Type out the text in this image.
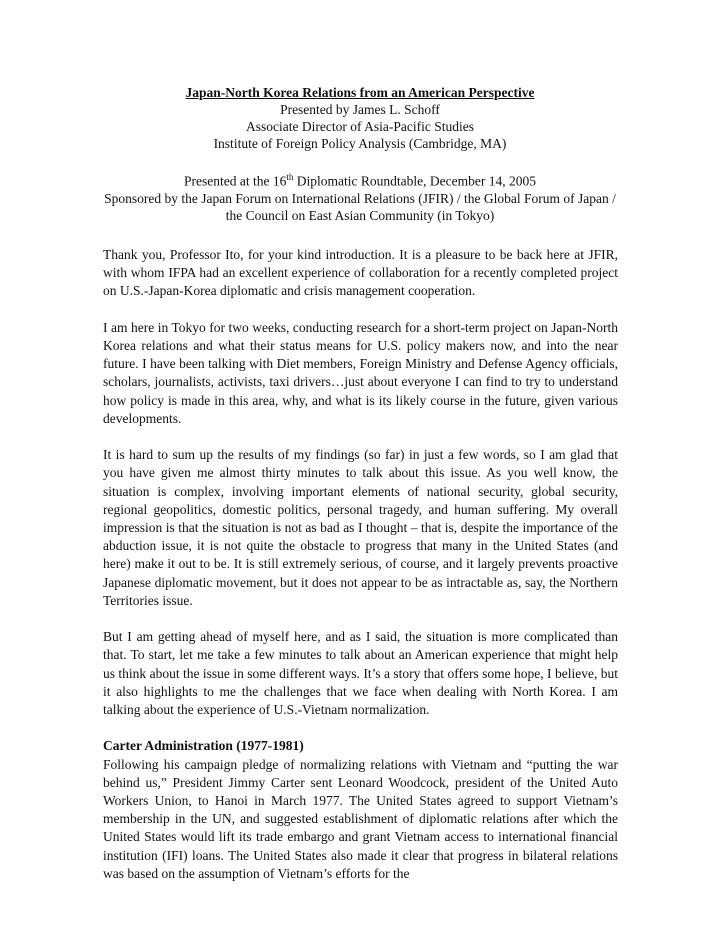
Japan-North Korea Relations from an American Perspective
Presented by James L. Schoff
Associate Director of Asia-Pacific Studies
Institute of Foreign Policy Analysis (Cambridge, MA)
Presented at the 16th Diplomatic Roundtable, December 14, 2005
Sponsored by the Japan Forum on International Relations (JFIR) / the Global Forum of Japan / the Council on East Asian Community (in Tokyo)

Thank you, Professor Ito, for your kind introduction. It is a pleasure to be back here at JFIR, with whom IFPA had an excellent experience of collaboration for a recently completed project on U.S.-Japan-Korea diplomatic and crisis management cooperation.

I am here in Tokyo for two weeks, conducting research for a short-term project on Japan-North Korea relations and what their status means for U.S. policy makers now, and into the near future. I have been talking with Diet members, Foreign Ministry and Defense Agency officials, scholars, journalists, activists, taxi drivers…just about everyone I can find to try to understand how policy is made in this area, why, and what is its likely course in the future, given various developments.

It is hard to sum up the results of my findings (so far) in just a few words, so I am glad that you have given me almost thirty minutes to talk about this issue. As you well know, the situation is complex, involving important elements of national security, global security, regional geopolitics, domestic politics, personal tragedy, and human suffering. My overall impression is that the situation is not as bad as I thought – that is, despite the importance of the abduction issue, it is not quite the obstacle to progress that many in the United States (and here) make it out to be. It is still extremely serious, of course, and it largely prevents proactive Japanese diplomatic movement, but it does not appear to be as intractable as, say, the Northern Territories issue.

But I am getting ahead of myself here, and as I said, the situation is more complicated than that. To start, let me take a few minutes to talk about an American experience that might help us think about the issue in some different ways. It’s a story that offers some hope, I believe, but it also highlights to me the challenges that we face when dealing with North Korea. I am talking about the experience of U.S.-Vietnam normalization.

Carter Administration (1977-1981)

Following his campaign pledge of normalizing relations with Vietnam and “putting the war behind us,” President Jimmy Carter sent Leonard Woodcock, president of the United Auto Workers Union, to Hanoi in March 1977. The United States agreed to support Vietnam’s membership in the UN, and suggested establishment of diplomatic relations after which the United States would lift its trade embargo and grant Vietnam access to international financial institution (IFI) loans. The United States also made it clear that progress in bilateral relations was based on the assumption of Vietnam’s efforts for the
